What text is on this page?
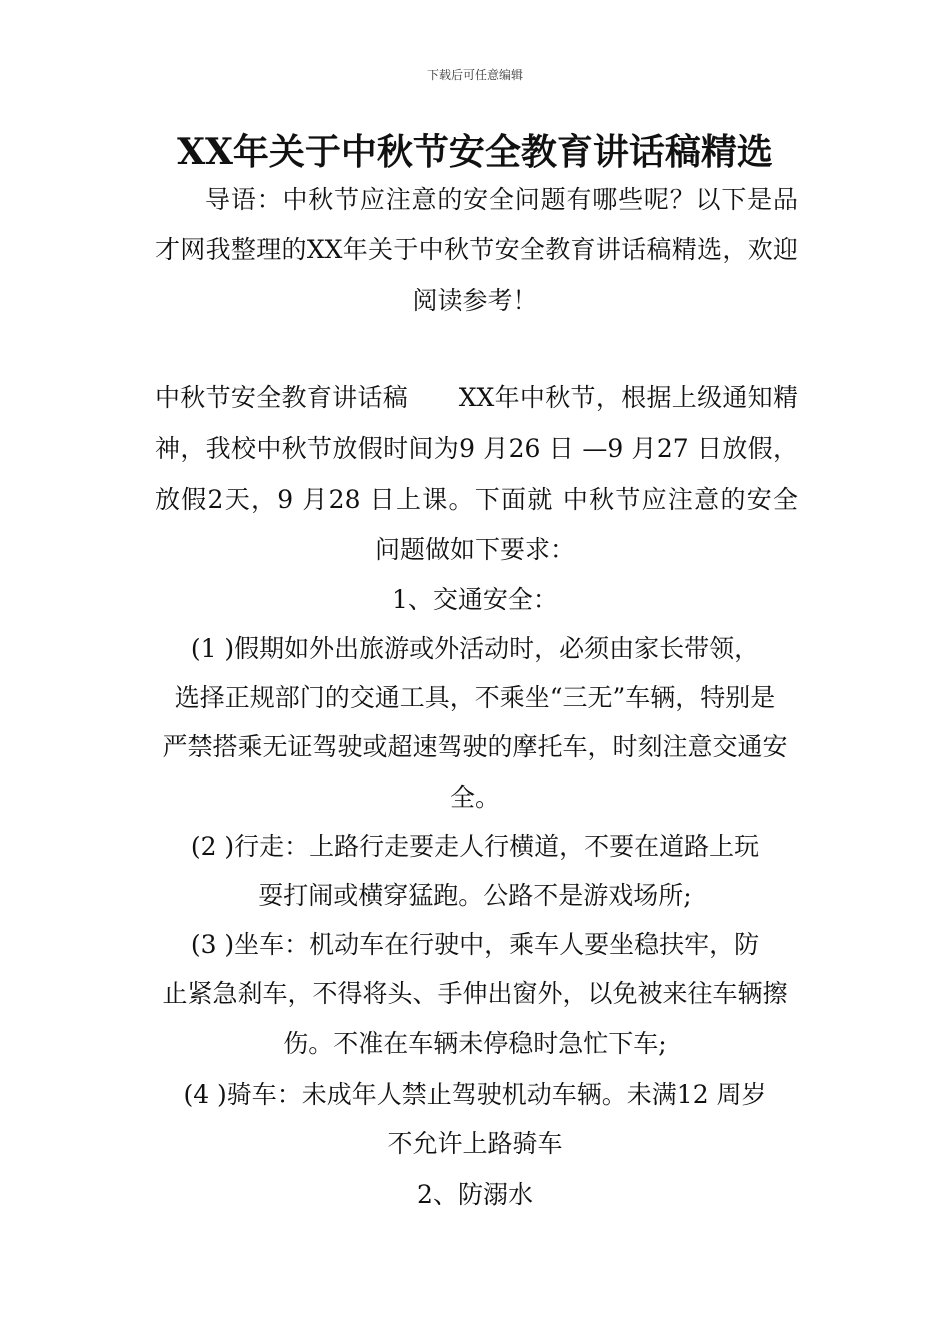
下载后可任意编辑
XX年关于中秋节安全教育讲话稿精选
导语：中秋节应注意的安全问题有哪些呢？以下是品
才网我整理的XX年关于中秋节安全教育讲话稿精选，欢迎
阅读参考！
中秋节安全教育讲话稿　　XX年中秋节，根据上级通知精
神，我校中秋节放假时间为9 月26 日 —9 月27 日放假，
放假2天，9 月28 日上课。下面就 中秋节应注意的安全
问题做如下要求：
1、交通安全：
(1 )假期如外出旅游或外活动时，必须由家长带领，
选择正规部门的交通工具，不乘坐“三无”车辆，特别是
严禁搭乘无证驾驶或超速驾驶的摩托车，时刻注意交通安
全。
(2 )行走：上路行走要走人行横道，不要在道路上玩
耍打闹或横穿猛跑。公路不是游戏场所;
(3 )坐车：机动车在行驶中，乘车人要坐稳扶牢，防
止紧急刹车，不得将头、手伸出窗外，以免被来往车辆擦
伤。不准在车辆未停稳时急忙下车;
(4 )骑车：未成年人禁止驾驶机动车辆。未满12 周岁
不允许上路骑车
2、防溺水
